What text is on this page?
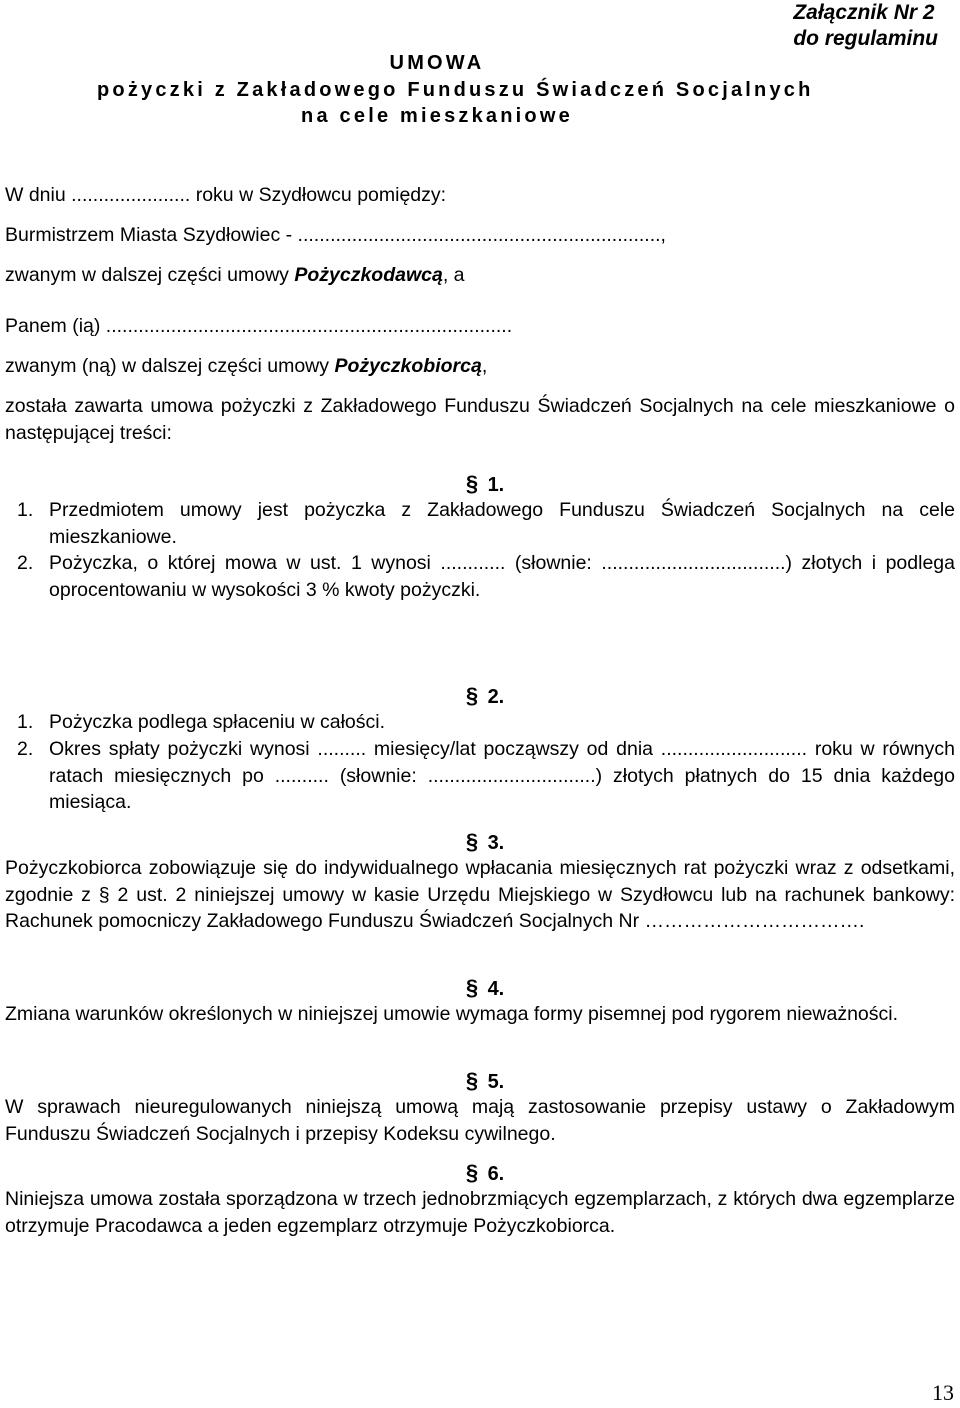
Załącznik Nr 2
do regulaminu
UMOWA
pożyczki z Zakładowego Funduszu Świadczeń Socjalnych
na cele mieszkaniowe
W dniu ...................... roku w Szydłowcu pomiędzy:
Burmistrzem Miasta Szydłowiec - ...................................................................,
zwanym w dalszej części umowy Pożyczkodawcą, a
Panem (ią) ...........................................................................
zwanym (ną) w dalszej części umowy Pożyczkobiorcą,
została zawarta umowa pożyczki z Zakładowego Funduszu Świadczeń Socjalnych na cele mieszkaniowe o następującej treści:
§ 1.
1. Przedmiotem umowy jest pożyczka z Zakładowego Funduszu Świadczeń Socjalnych na cele mieszkaniowe.
2. Pożyczka, o której mowa w ust. 1 wynosi ............ (słownie: ..................................) złotych i podlega oprocentowaniu w wysokości 3 % kwoty pożyczki.
§ 2.
1. Pożyczka podlega spłaceniu w całości.
2. Okres spłaty pożyczki wynosi ......... miesięcy/lat począwszy od dnia ........................... roku w równych ratach miesięcznych po .......... (słownie: ...............................) złotych płatnych do 15 dnia każdego miesiąca.
§ 3.
Pożyczkobiorca zobowiązuje się do indywidualnego wpłacania miesięcznych rat pożyczki wraz z odsetkami, zgodnie z § 2 ust. 2 niniejszej umowy w kasie Urzędu Miejskiego w Szydłowcu lub na rachunek bankowy: Rachunek pomocniczy Zakładowego Funduszu Świadczeń Socjalnych Nr …………………………….
§ 4.
Zmiana warunków określonych w niniejszej umowie wymaga formy pisemnej pod rygorem nieważności.
§ 5.
W sprawach nieuregulowanych niniejszą umową mają zastosowanie przepisy ustawy o Zakładowym Funduszu Świadczeń Socjalnych i przepisy Kodeksu cywilnego.
§ 6.
Niniejsza umowa została sporządzona w trzech jednobrzmiących egzemplarzach, z których dwa egzemplarze otrzymuje Pracodawca a jeden egzemplarz otrzymuje Pożyczkobiorca.
13
